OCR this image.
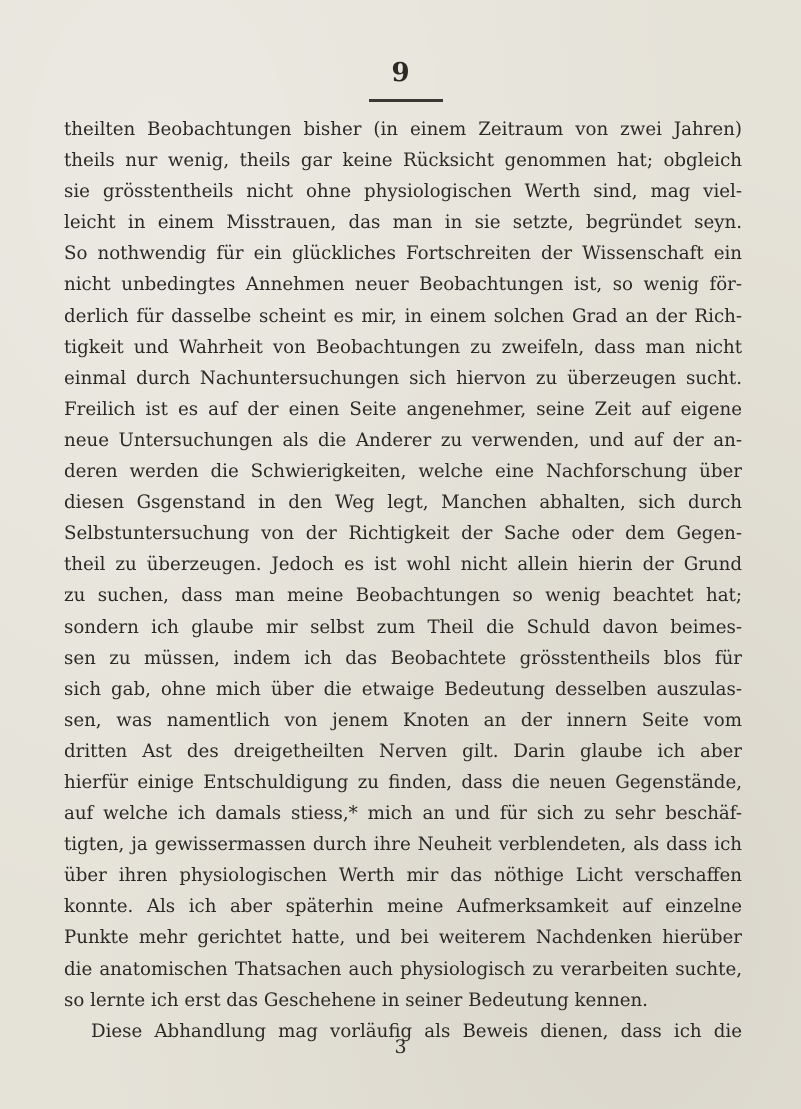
9
theilten Beobachtungen bisher (in einem Zeitraum von zwei Jahren)
theils nur wenig, theils gar keine Rücksicht genommen hat; obgleich
sie grösstentheils nicht ohne physiologischen Werth sind, mag viel-
leicht in einem Misstrauen, das man in sie setzte, begründet seyn.
So nothwendig für ein glückliches Fortschreiten der Wissenschaft ein
nicht unbedingtes Annehmen neuer Beobachtungen ist, so wenig för-
derlich für dasselbe scheint es mir, in einem solchen Grad an der Rich-
tigkeit und Wahrheit von Beobachtungen zu zweifeln, dass man nicht
einmal durch Nachuntersuchungen sich hiervon zu überzeugen sucht.
Freilich ist es auf der einen Seite angenehmer, seine Zeit auf eigene
neue Untersuchungen als die Anderer zu verwenden, und auf der an-
deren werden die Schwierigkeiten, welche eine Nachforschung über
diesen Gsgenstand in den Weg legt, Manchen abhalten, sich durch
Selbstuntersuchung von der Richtigkeit der Sache oder dem Gegen-
theil zu überzeugen. Jedoch es ist wohl nicht allein hierin der Grund
zu suchen, dass man meine Beobachtungen so wenig beachtet hat;
sondern ich glaube mir selbst zum Theil die Schuld davon beimes-
sen zu müssen, indem ich das Beobachtete grösstentheils blos für
sich gab, ohne mich über die etwaige Bedeutung desselben auszulas-
sen, was namentlich von jenem Knoten an der innern Seite vom
dritten Ast des dreigetheilten Nerven gilt. Darin glaube ich aber
hierfür einige Entschuldigung zu finden, dass die neuen Gegenstände,
auf welche ich damals stiess,* mich an und für sich zu sehr beschäf-
tigten, ja gewissermassen durch ihre Neuheit verblendeten, als dass ich
über ihren physiologischen Werth mir das nöthige Licht verschaffen
konnte. Als ich aber späterhin meine Aufmerksamkeit auf einzelne
Punkte mehr gerichtet hatte, und bei weiterem Nachdenken hierüber
die anatomischen Thatsachen auch physiologisch zu verarbeiten suchte,
so lernte ich erst das Geschehene in seiner Bedeutung kennen.
Diese Abhandlung mag vorläufig als Beweis dienen, dass ich die
3
